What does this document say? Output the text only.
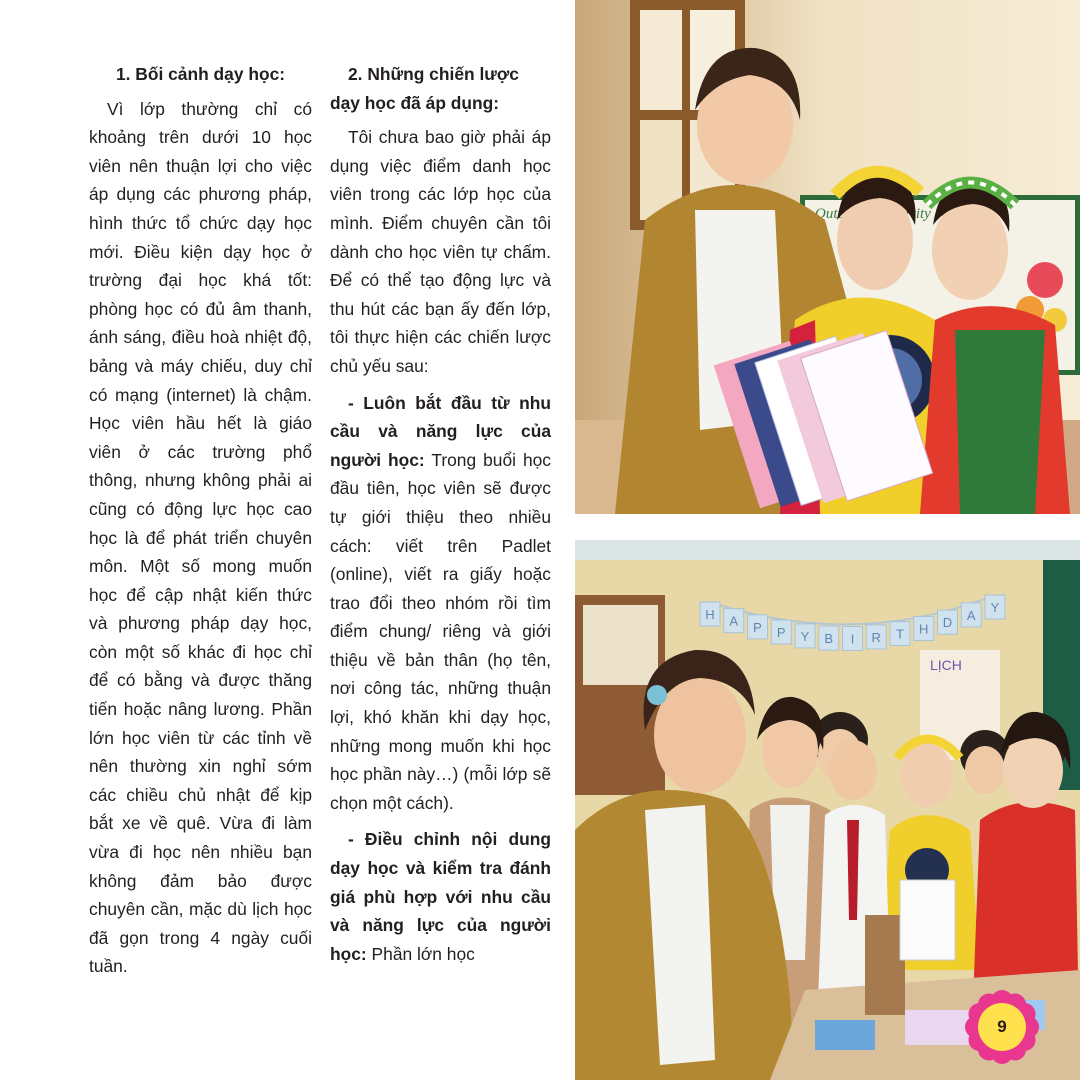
1. Bối cảnh dạy học:

Vì lớp thường chỉ có khoảng trên dưới 10 học viên nên thuận lợi cho việc áp dụng các phương pháp, hình thức tổ chức dạy học mới. Điều kiện dạy học ở trường đại học khá tốt: phòng học có đủ âm thanh, ánh sáng, điều hoà nhiệt độ, bảng và máy chiếu, duy chỉ có mạng (internet) là chậm. Học viên hầu hết là giáo viên ở các trường phổ thông, nhưng không phải ai cũng có động lực học cao học là để phát triển chuyên môn. Một số mong muốn học để cập nhật kiến thức và phương pháp dạy học, còn một số khác đi học chỉ để có bằng và được thăng tiến hoặc nâng lương. Phần lớn học viên từ các tỉnh về nên thường xin nghỉ sớm các chiều chủ nhật để kịp bắt xe về quê. Vừa đi làm vừa đi học nên nhiều bạn không đảm bảo được chuyên cần, mặc dù lịch học đã gọn trong 4 ngày cuối tuần.

2. Những chiến lược dạy học đã áp dụng:

Tôi chưa bao giờ phải áp dụng việc điểm danh học viên trong các lớp học của mình. Điểm chuyên cần tôi dành cho học viên tự chấm. Để có thể tạo động lực và thu hút các bạn ấy đến lớp, tôi thực hiện các chiến lược chủ yếu sau:

- Luôn bắt đầu từ nhu cầu và năng lực của người học: Trong buổi học đầu tiên, học viên sẽ được tự giới thiệu theo nhiều cách: viết trên Padlet (online), viết ra giấy hoặc trao đổi theo nhóm rồi tìm điểm chung/ riêng và giới thiệu về bản thân (họ tên, nơi công tác, những thuận lợi, khó khăn khi dạy học, những mong muốn khi học học phần này…) (mỗi lớp sẽ chọn một cách).

- Điều chỉnh nội dung dạy học và kiểm tra đánh giá phù hợp với nhu cầu và năng lực của người học: Phần lớn học

activity
H A P P Y B I R T H D A
Y
LỊCH
9
